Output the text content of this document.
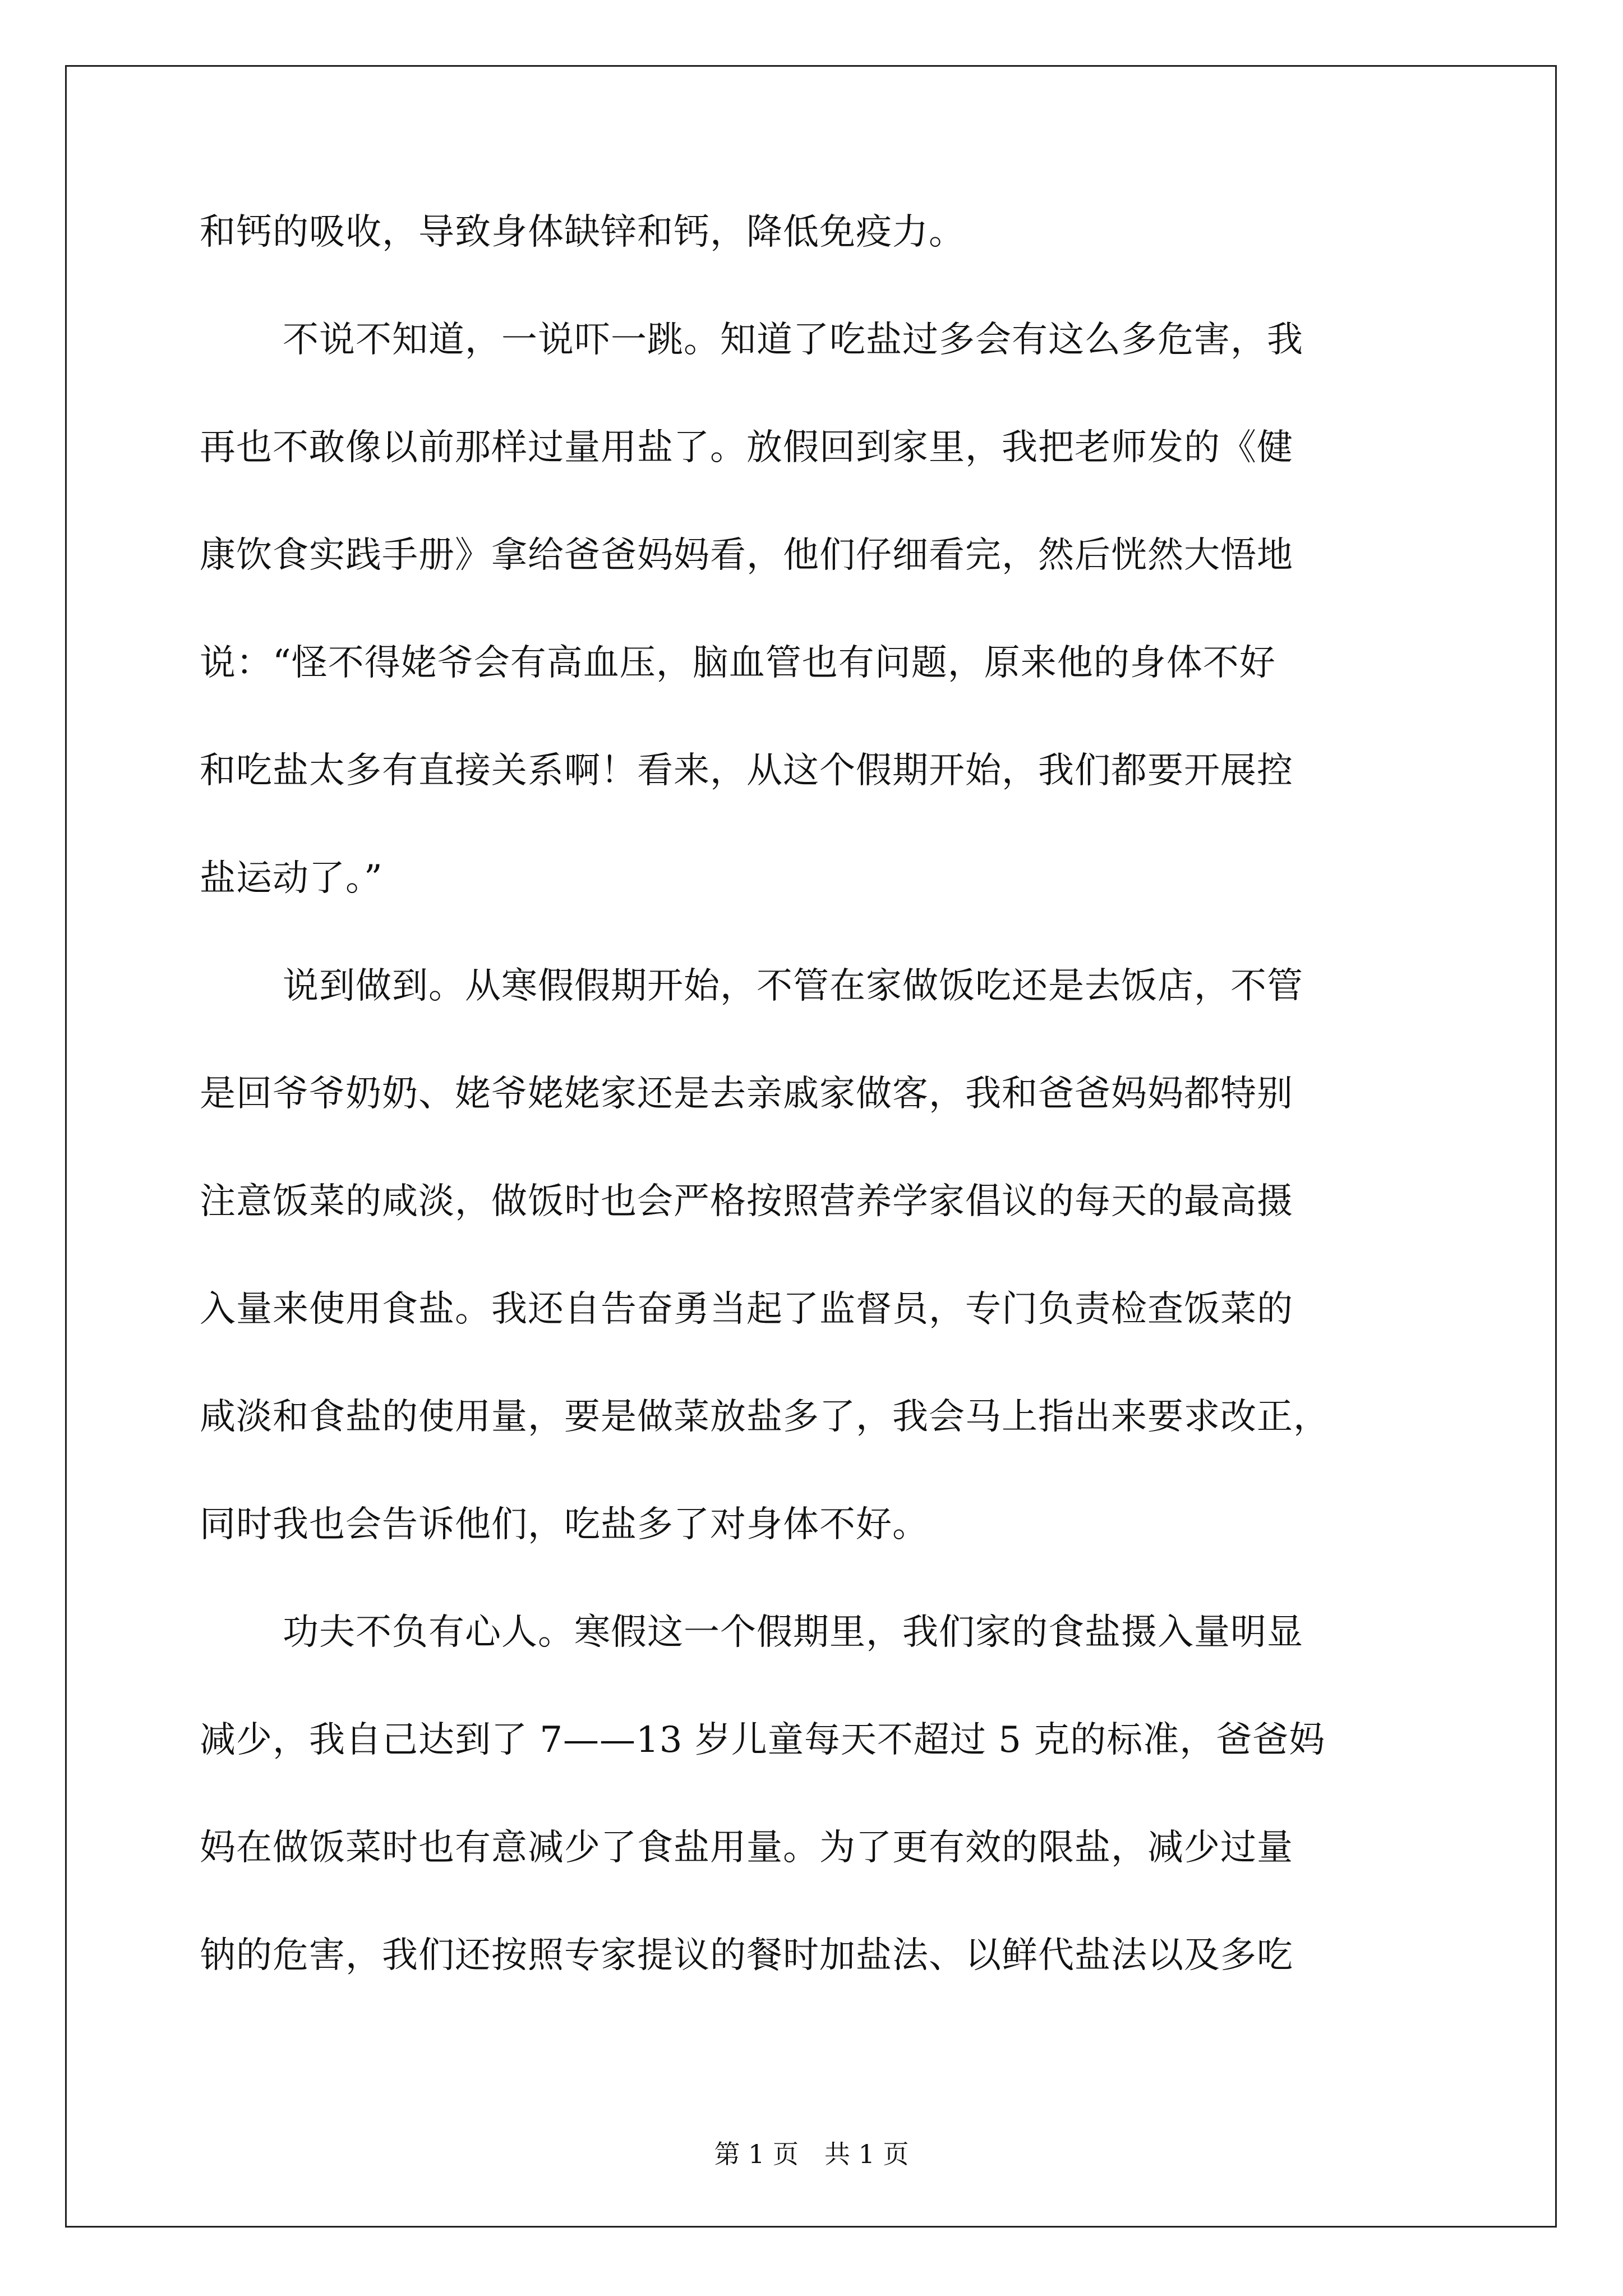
和钙的吸收，导致身体缺锌和钙，降低免疫力。
不说不知道，一说吓一跳。知道了吃盐过多会有这么多危害，我
再也不敢像以前那样过量用盐了。放假回到家里，我把老师发的《健
康饮食实践手册》拿给爸爸妈妈看，他们仔细看完，然后恍然大悟地
说：“怪不得姥爷会有高血压，脑血管也有问题，原来他的身体不好
和吃盐太多有直接关系啊！看来，从这个假期开始，我们都要开展控
盐运动了。”
说到做到。从寒假假期开始，不管在家做饭吃还是去饭店，不管
是回爷爷奶奶、姥爷姥姥家还是去亲戚家做客，我和爸爸妈妈都特别
注意饭菜的咸淡，做饭时也会严格按照营养学家倡议的每天的最高摄
入量来使用食盐。我还自告奋勇当起了监督员，专门负责检查饭菜的
咸淡和食盐的使用量，要是做菜放盐多了，我会马上指出来要求改正，
同时我也会告诉他们，吃盐多了对身体不好。
功夫不负有心人。寒假这一个假期里，我们家的食盐摄入量明显
减少，我自己达到了 7——13 岁儿童每天不超过 5 克的标准，爸爸妈
妈在做饭菜时也有意减少了食盐用量。为了更有效的限盐，减少过量
钠的危害，我们还按照专家提议的餐时加盐法、以鲜代盐法以及多吃
第 1 页　共 1 页
